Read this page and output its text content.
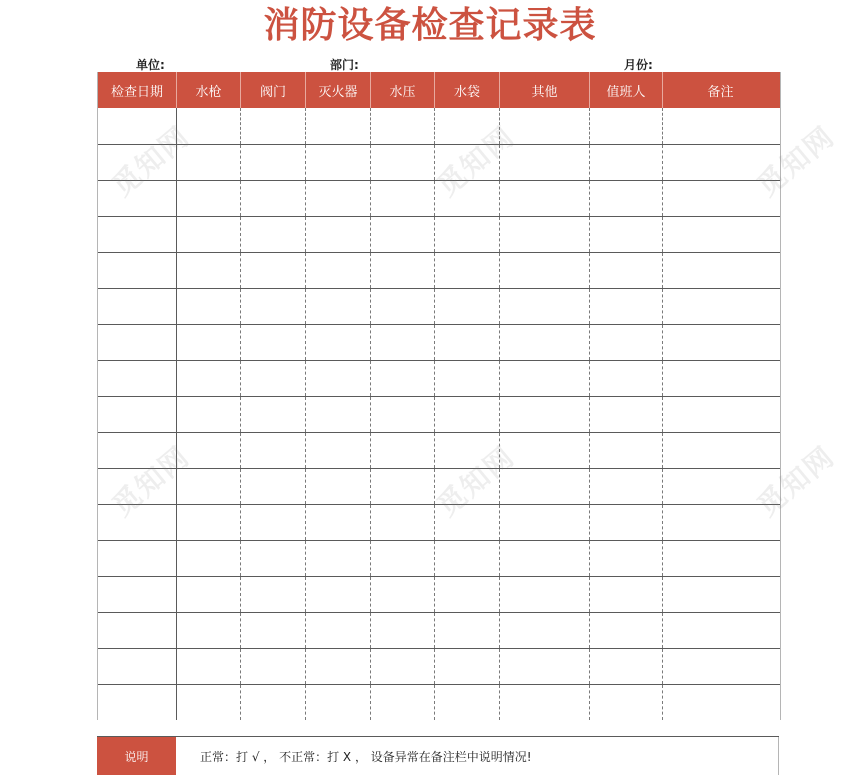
消防设备检查记录表
单位:	部门:	月份:
检查日期	水枪	阀门	灭火器	水压	水袋	其他	值班人	备注
说明	正常：打 √ ， 不正常：打 X ， 设备异常在备注栏中说明情况!
觅知网	觅知网	觅知网
觅知网	觅知网	觅知网
